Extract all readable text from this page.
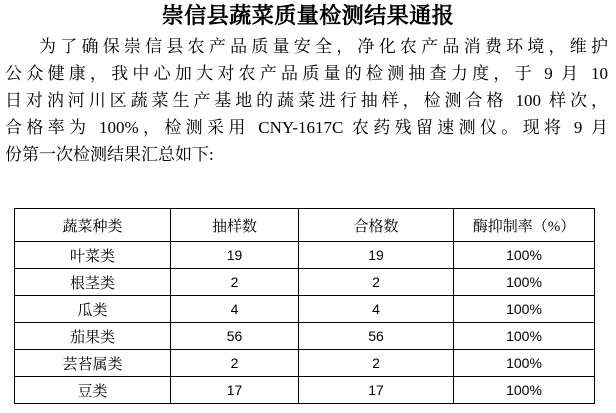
崇信县蔬菜质量检测结果通报
为了确保崇信县农产品质量安全，净化农产品消费环境，维护
公众健康，我中心加大对农产品质量的检测抽查力度，于 9 月 10
日对汭河川区蔬菜生产基地的蔬菜进行抽样，检测合格 100 样次，
合格率为 100%，检测采用 CNY-1617C 农药残留速测仪。现将 9 月
份第一次检测结果汇总如下:
蔬菜种类	抽样数	合格数	酶抑制率（%）
叶菜类	19	19	100%
根茎类	2	2	100%
瓜类	4	4	100%
茄果类	56	56	100%
芸苔属类	2	2	100%
豆类	17	17	100%
